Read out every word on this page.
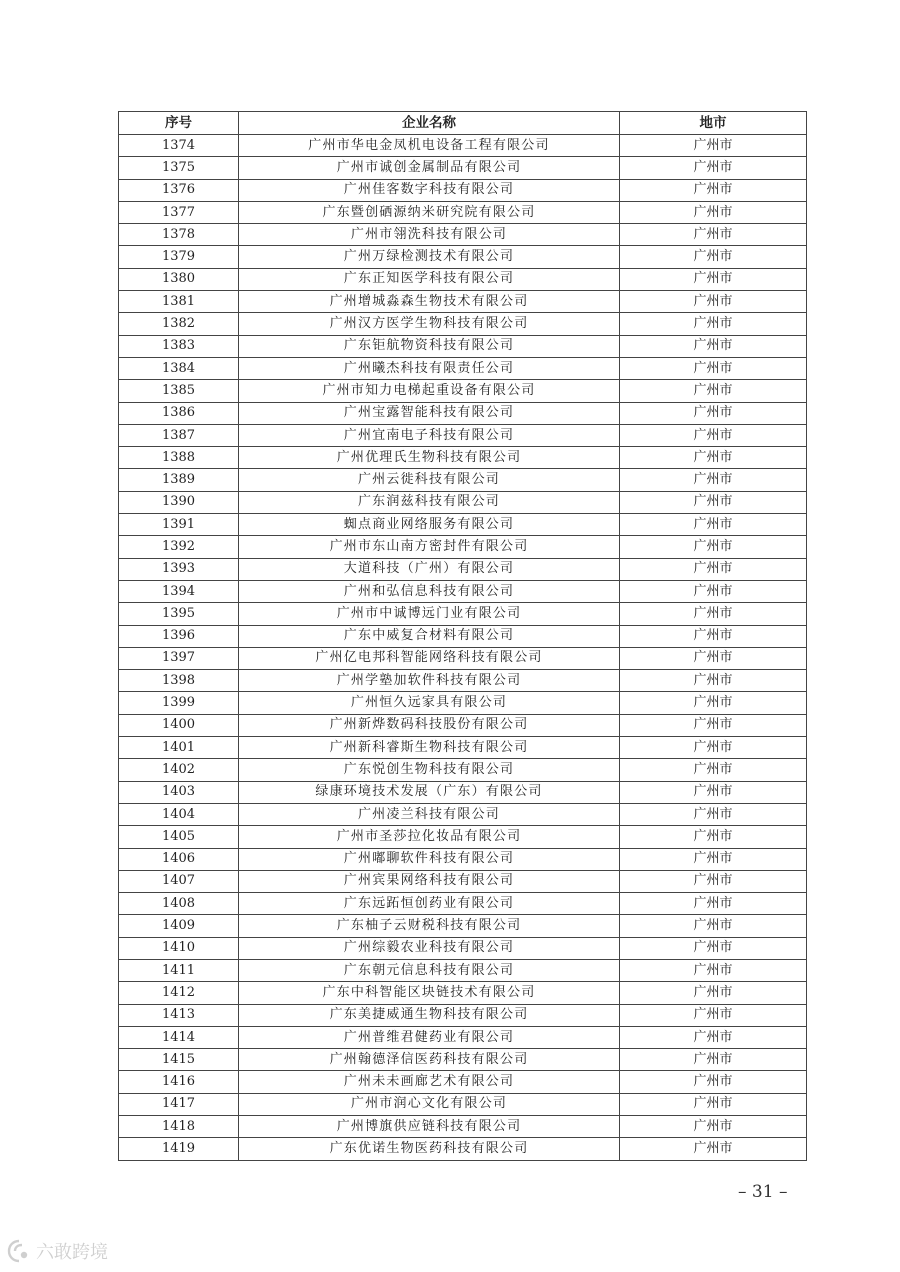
序号	企业名称	地市
1374	广州市华电金凤机电设备工程有限公司	广州市
1375	广州市诚创金属制品有限公司	广州市
1376	广州佳客数字科技有限公司	广州市
1377	广东暨创硒源纳米研究院有限公司	广州市
1378	广州市翎洗科技有限公司	广州市
1379	广州万绿检测技术有限公司	广州市
1380	广东正知医学科技有限公司	广州市
1381	广州增城淼森生物技术有限公司	广州市
1382	广州汉方医学生物科技有限公司	广州市
1383	广东钜航物资科技有限公司	广州市
1384	广州曦杰科技有限责任公司	广州市
1385	广州市知力电梯起重设备有限公司	广州市
1386	广州宝露智能科技有限公司	广州市
1387	广州宜南电子科技有限公司	广州市
1388	广州优理氏生物科技有限公司	广州市
1389	广州云徙科技有限公司	广州市
1390	广东润兹科技有限公司	广州市
1391	蜘点商业网络服务有限公司	广州市
1392	广州市东山南方密封件有限公司	广州市
1393	大道科技（广州）有限公司	广州市
1394	广州和弘信息科技有限公司	广州市
1395	广州市中诚博远门业有限公司	广州市
1396	广东中威复合材料有限公司	广州市
1397	广州亿电邦科智能网络科技有限公司	广州市
1398	广州学塾加软件科技有限公司	广州市
1399	广州恒久远家具有限公司	广州市
1400	广州新烨数码科技股份有限公司	广州市
1401	广州新科睿斯生物科技有限公司	广州市
1402	广东悦创生物科技有限公司	广州市
1403	绿康环境技术发展（广东）有限公司	广州市
1404	广州凌兰科技有限公司	广州市
1405	广州市圣莎拉化妆品有限公司	广州市
1406	广州嘟聊软件科技有限公司	广州市
1407	广州宾果网络科技有限公司	广州市
1408	广东远跖恒创药业有限公司	广州市
1409	广东柚子云财税科技有限公司	广州市
1410	广州综毅农业科技有限公司	广州市
1411	广东朝元信息科技有限公司	广州市
1412	广东中科智能区块链技术有限公司	广州市
1413	广东美捷威通生物科技有限公司	广州市
1414	广州普维君健药业有限公司	广州市
1415	广州翰德泽信医药科技有限公司	广州市
1416	广州未未画廊艺术有限公司	广州市
1417	广州市润心文化有限公司	广州市
1418	广州博旗供应链科技有限公司	广州市
1419	广东优诺生物医药科技有限公司	广州市
– 31 –
六敢跨境
